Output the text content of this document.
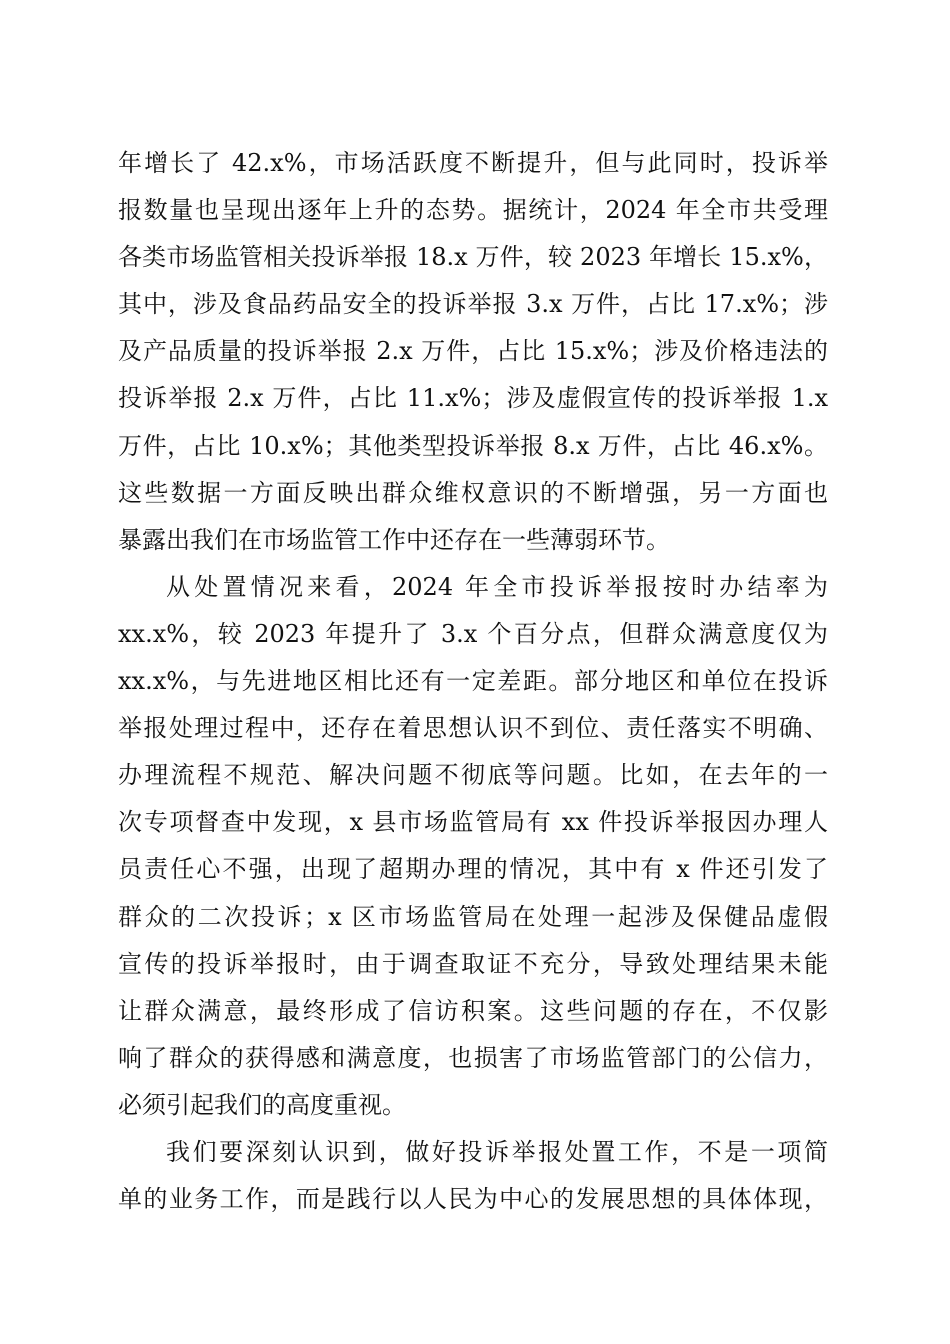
年增长了 42.x%，市场活跃度不断提升，但与此同时，投诉举
报数量也呈现出逐年上升的态势。据统计，2024 年全市共受理
各类市场监管相关投诉举报 18.x 万件，较 2023 年增长 15.x%，
其中，涉及食品药品安全的投诉举报 3.x 万件，占比 17.x%；涉
及产品质量的投诉举报 2.x 万件，占比 15.x%；涉及价格违法的
投诉举报 2.x 万件，占比 11.x%；涉及虚假宣传的投诉举报 1.x
万件，占比 10.x%；其他类型投诉举报 8.x 万件，占比 46.x%。
这些数据一方面反映出群众维权意识的不断增强，另一方面也
暴露出我们在市场监管工作中还存在一些薄弱环节。
从处置情况来看，2024 年全市投诉举报按时办结率为
xx.x%，较 2023 年提升了 3.x 个百分点，但群众满意度仅为
xx.x%，与先进地区相比还有一定差距。部分地区和单位在投诉
举报处理过程中，还存在着思想认识不到位、责任落实不明确、
办理流程不规范、解决问题不彻底等问题。比如，在去年的一
次专项督查中发现，x 县市场监管局有 xx 件投诉举报因办理人
员责任心不强，出现了超期办理的情况，其中有 x 件还引发了
群众的二次投诉；x 区市场监管局在处理一起涉及保健品虚假
宣传的投诉举报时，由于调查取证不充分，导致处理结果未能
让群众满意，最终形成了信访积案。这些问题的存在，不仅影
响了群众的获得感和满意度，也损害了市场监管部门的公信力，
必须引起我们的高度重视。
我们要深刻认识到，做好投诉举报处置工作，不是一项简
单的业务工作，而是践行以人民为中心的发展思想的具体体现，
